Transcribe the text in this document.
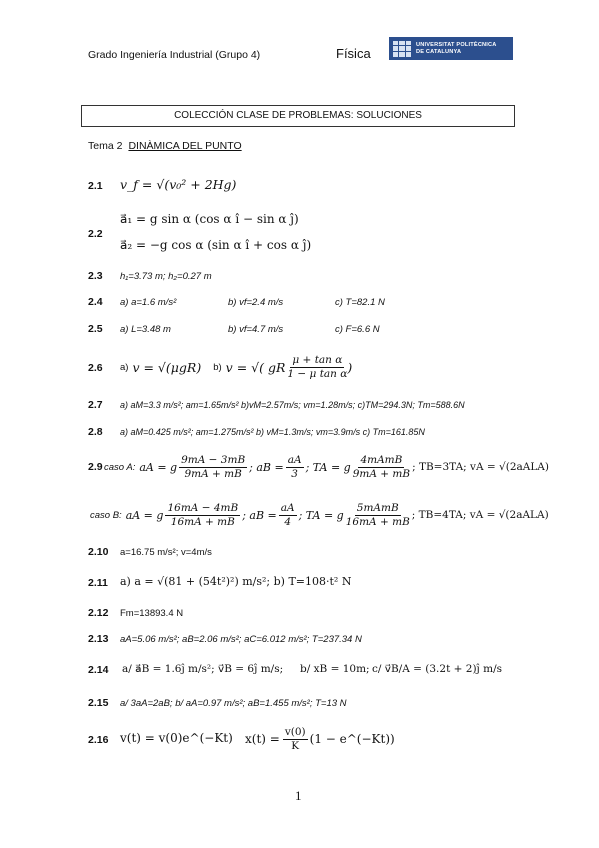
Grado Ingeniería Industrial (Grupo 4)	Física
UNIVERSITAT POLITÈCNICA
DE CATALUNYA
COLECCIÓN CLASE DE PROBLEMAS: SOLUCIONES
Tema 2 DINÀMICA DEL PUNTO
2.1 v_f = √(v₀² + 2Hg)
2.2
a⃗₁ = g sin α (cos α î − sin α ĵ)
a⃗₂ = −g cos α (sin α î + cos α ĵ)
2.3 h₁=3.73 m; h₂=0.27 m
2.4 a) a=1.6 m/s²	b) vf=2.4 m/s	c) T=82.1 N
2.5 a) L=3.48 m	b) vf=4.7 m/s	c) F=6.6 N
2.6 a) v = √(μgR) b) v = √( gR $\frac{\text{μ + tan α}}{\text{1 − μ tan α}}$ )
2.7 a) aM=3.3 m/s²; am=1.65m/s² b)vM=2.57m/s; vm=1.28m/s; c)TM=294.3N; Tm=588.6N
2.8 a) aM=0.425 m/s²; am=1.275m/s² b) vM=1.3m/s; vm=3.9m/s c) Tm=161.85N
2.9 caso A: aA = g $\frac{9mA - 3mB}{9mA + mB}$ ; aB = $\frac{aA}{3}$ ; TA = g $\frac{\text{4mAmB}}{9mA + mB}$ ; TB=3TA; vA = √(2aALA)
caso B: aA = g $\frac{16mA - 4mB}{16mA + mB}$ ; aB = $\frac{aA}{4}$ ; TA = g $\frac{\text{5mAmB}}{16mA + mB}$ ; TB=4TA; vA = √(2aALA)
2.10 a=16.75 m/s²; v=4m/s
2.11 a) a = √(81 + (54t²)²) m/s²; b) T=108·t² N
2.12 Fm=13893.4 N
2.13 aA=5.06 m/s²; aB=2.06 m/s²; aC=6.012 m/s²; T=237.34 N
2.14 a/ a⃗B = 1.6ĵ m/s²; v⃗B = 6ĵ m/s; b/ xB = 10m; c/ v⃗B/A = (3.2t + 2)ĵ m/s
2.15 a/ 3aA=2aB; b/ aA=0.97 m/s²; aB=1.455 m/s²; T=13 N
2.16 v(t) = v(0)e^(−Kt) $x(t) = \frac{v(0)}{K} (1$ − e^(−Kt))
1
